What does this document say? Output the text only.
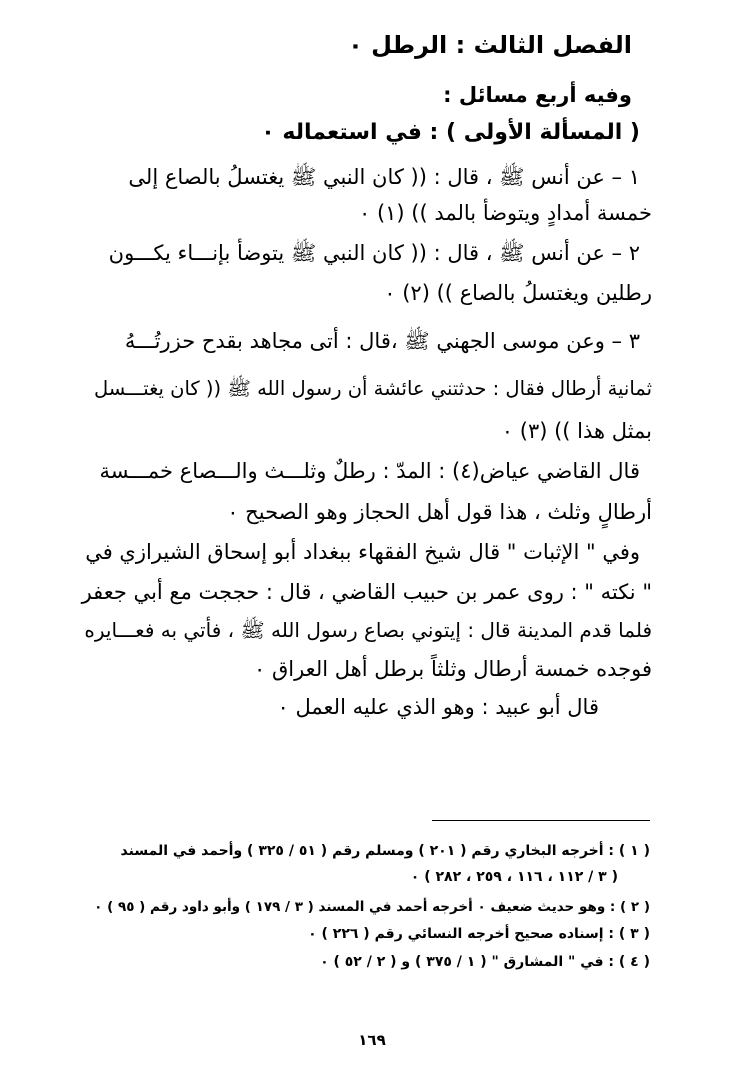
الفصل الثالث : الرطل ٠
وفيه أربع مسائل :
( المسألة الأولى ) : في استعماله ٠
١ – عن أنس ﷺ ، قال : (( كان النبي ﷺ يغتسلُ بالصاع إلى
خمسة أمدادٍ ويتوضأ بالمد )) (١) ٠
٢ – عن أنس ﷺ ، قال : (( كان النبي ﷺ يتوضأ بإنـــاء يكـــون
رطلين ويغتسلُ بالصاع )) (٢) ٠
٣ – وعن موسى الجهني ﷺ ،قال : أتى مجاهد بقدح حزرتُـــهُ
ثمانية أرطال فقال : حدثتني عائشة أن رسول الله ﷺ (( كان يغتـــسل
بمثل هذا )) (٣) ٠
قال القاضي عياض(٤) : المدّ : رطلٌ وثلـــث والـــصاع خمـــسة
أرطالٍ وثلث ، هذا قول أهل الحجاز وهو الصحيح ٠
وفي " الإثبات " قال شيخ الفقهاء ببغداد أبو إسحاق الشيرازي في
" نكته " : روى عمر بن حبيب القاضي ، قال : حججت مع أبي جعفر
فلما قدم المدينة قال : إيتوني بصاع رسول الله ﷺ ، فأتي به فعـــايره
فوجده خمسة أرطال وثلثاً برطل أهل العراق ٠
قال أبو عبيد : وهو الذي عليه العمل ٠
( ١ ) : أخرجه البخاري رقم ( ٢٠١ ) ومسلم رقم ( ٥١ / ٣٢٥ ) وأحمد في المسند
( ٣ / ١١٢ ، ١١٦ ، ٢٥٩ ، ٢٨٢ ) ٠
( ٢ ) : وهو حديث ضعيف ٠ أخرجه أحمد في المسند ( ٣ / ١٧٩ ) وأبو داود رقم ( ٩٥ ) ٠
( ٣ ) : إسناده صحيح أخرجه النسائي رقم ( ٢٢٦ ) ٠
( ٤ ) : في " المشارق " ( ١ / ٣٧٥ ) و ( ٢ / ٥٢ ) ٠
١٦٩
